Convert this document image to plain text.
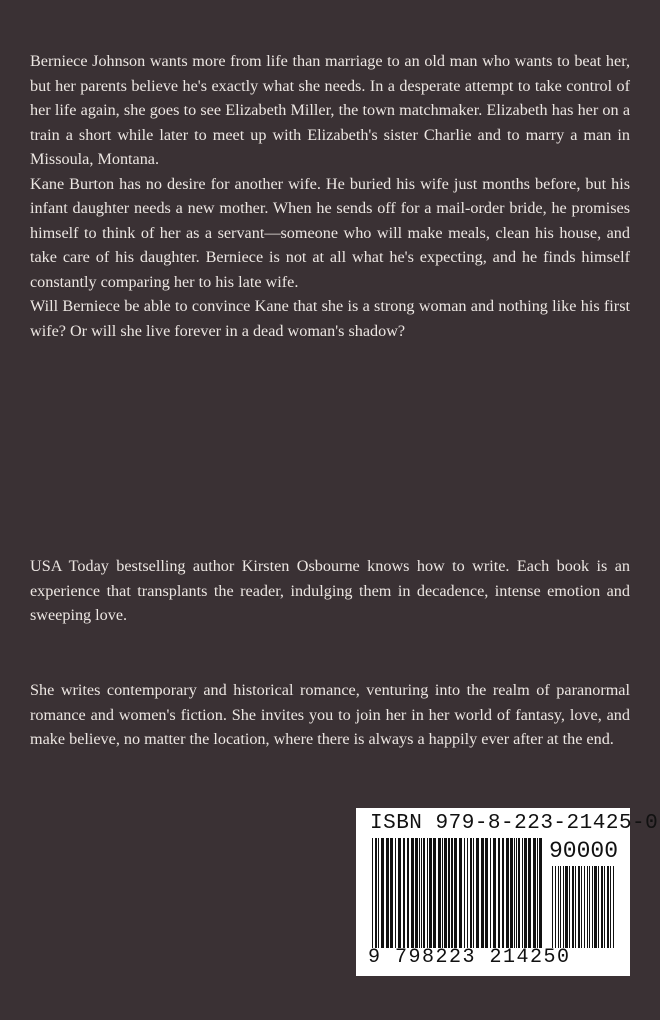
Berniece Johnson wants more from life than marriage to an old man who wants to beat her, but her parents believe he's exactly what she needs. In a desperate attempt to take control of her life again, she goes to see Elizabeth Miller, the town matchmaker. Elizabeth has her on a train a short while later to meet up with Elizabeth's sister Charlie and to marry a man in Missoula, Montana.

Kane Burton has no desire for another wife. He buried his wife just months before, but his infant daughter needs a new mother. When he sends off for a mail-order bride, he promises himself to think of her as a servant—someone who will make meals, clean his house, and take care of his daughter. Berniece is not at all what he's expecting, and he finds himself constantly comparing her to his late wife.

Will Berniece be able to convince Kane that she is a strong woman and nothing like his first wife? Or will she live forever in a dead woman's shadow?

USA Today bestselling author Kirsten Osbourne knows how to write. Each book is an experience that transplants the reader, indulging them in decadence, intense emotion and sweeping love.
She writes contemporary and historical romance, venturing into the realm of paranormal romance and women's fiction. She invites you to join her in her world of fantasy, love, and make believe, no matter the location, where there is always a happily ever after at the end.
ISBN 979-8-223-21425-0
90000
9 798223 214250
